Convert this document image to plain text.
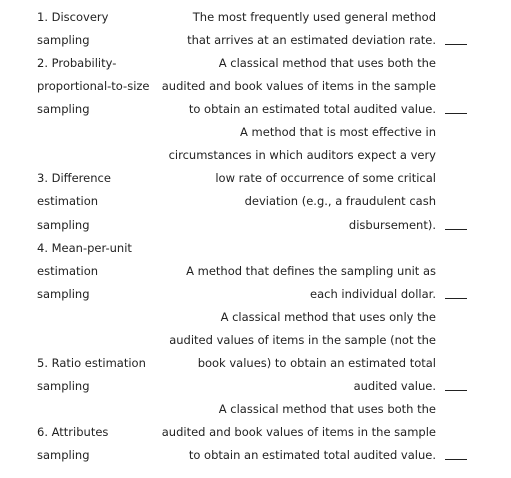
1. Discovery
sampling
2. Probability-
proportional-to-size
sampling
3. Difference
estimation
sampling
4. Mean-per-unit
estimation
sampling
5. Ratio estimation
sampling
6. Attributes
sampling
The most frequently used general method
that arrives at an estimated deviation rate.
A classical method that uses both the
audited and book values of items in the sample
to obtain an estimated total audited value.
A method that is most effective in
circumstances in which auditors expect a very
low rate of occurrence of some critical
deviation (e.g., a fraudulent cash
disbursement).
A method that defines the sampling unit as
each individual dollar.
A classical method that uses only the
audited values of items in the sample (not the
book values) to obtain an estimated total
audited value.
A classical method that uses both the
audited and book values of items in the sample
to obtain an estimated total audited value.
